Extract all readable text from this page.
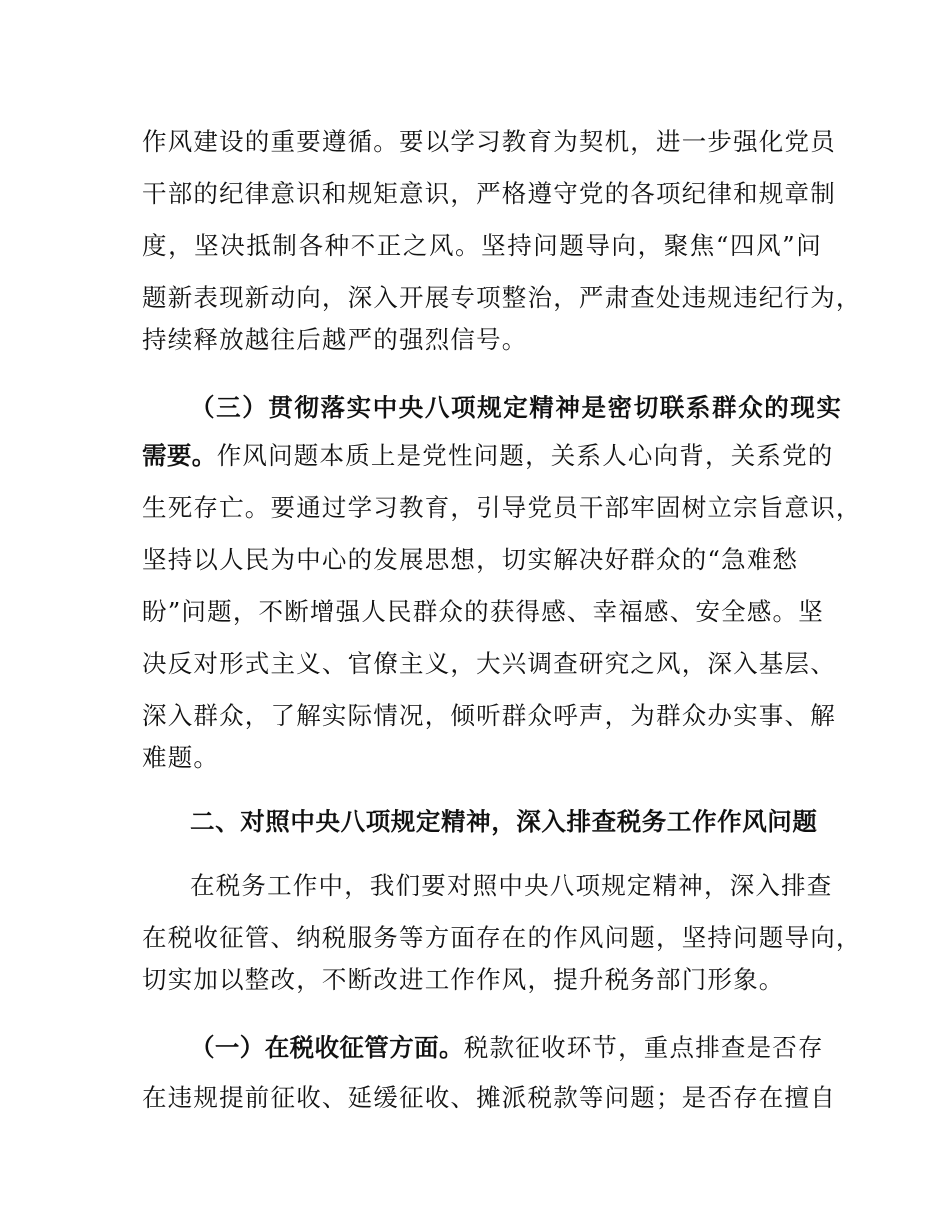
作风建设的重要遵循。要以学习教育为契机，进一步强化党员
干部的纪律意识和规矩意识，严格遵守党的各项纪律和规章制
度，坚决抵制各种不正之风。坚持问题导向，聚焦“四风”问
题新表现新动向，深入开展专项整治，严肃查处违规违纪行为，
持续释放越往后越严的强烈信号。
（三）贯彻落实中央八项规定精神是密切联系群众的现实
需要。作风问题本质上是党性问题，关系人心向背，关系党的
生死存亡。要通过学习教育，引导党员干部牢固树立宗旨意识，
坚持以人民为中心的发展思想，切实解决好群众的“急难愁
盼”问题，不断增强人民群众的获得感、幸福感、安全感。坚
决反对形式主义、官僚主义，大兴调查研究之风，深入基层、
深入群众，了解实际情况，倾听群众呼声，为群众办实事、解
难题。
二、对照中央八项规定精神，深入排查税务工作作风问题
在税务工作中，我们要对照中央八项规定精神，深入排查
在税收征管、纳税服务等方面存在的作风问题，坚持问题导向，
切实加以整改，不断改进工作作风，提升税务部门形象。
（一）在税收征管方面。税款征收环节，重点排查是否存
在违规提前征收、延缓征收、摊派税款等问题；是否存在擅自
